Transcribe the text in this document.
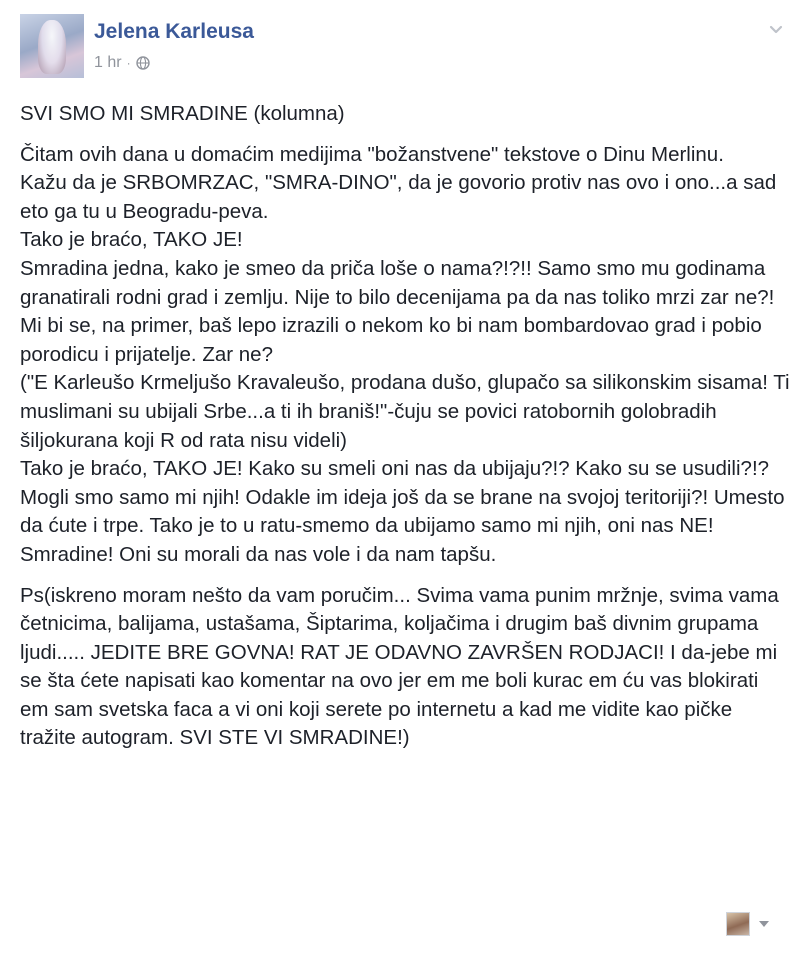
Jelena Karleusa
1 hr ·

SVI SMO MI SMRADINE (kolumna)

Čitam ovih dana u domaćim medijima "božanstvene" tekstove o Dinu Merlinu.
Kažu da je SRBOMRZAC, "SMRA-DINO", da je govorio protiv nas ovo i ono...a sad eto ga tu u Beogradu-peva.
Tako je braćo, TAKO JE!
Smradina jedna, kako je smeo da priča loše o nama?!?!! Samo smo mu godinama granatirali rodni grad i zemlju. Nije to bilo decenijama pa da nas toliko mrzi zar ne?! Mi bi se, na primer, baš lepo izrazili o nekom ko bi nam bombardovao grad i pobio porodicu i prijatelje. Zar ne?
("E Karleušo Krmeljušo Kravaleušo, prodana dušo, glupačo sa silikonskim sisama! Ti muslimani su ubijali Srbe...a ti ih braniš!"-čuju se povici ratobornih golobradih šiljokurana koji R od rata nisu videli)
Tako je braćo, TAKO JE! Kako su smeli oni nas da ubijaju?!? Kako su se usudili?!? Mogli smo samo mi njih! Odakle im ideja još da se brane na svojoj teritoriji?! Umesto da ćute i trpe. Tako je to u ratu-smemo da ubijamo samo mi njih, oni nas NE! Smradine! Oni su morali da nas vole i da nam tapšu.

Ps(iskreno moram nešto da vam poručim... Svima vama punim mržnje, svima vama četnicima, balijama, ustašama, Šiptarima, koljačima i drugim baš divnim grupama ljudi..... JEDITE BRE GOVNA! RAT JE ODAVNO ZAVRŠEN RODJACI! I da-jebe mi se šta ćete napisati kao komentar na ovo jer em me boli kurac em ću vas blokirati em sam svetska faca a vi oni koji serete po internetu a kad me vidite kao pičke tražite autogram. SVI STE VI SMRADINE!)
